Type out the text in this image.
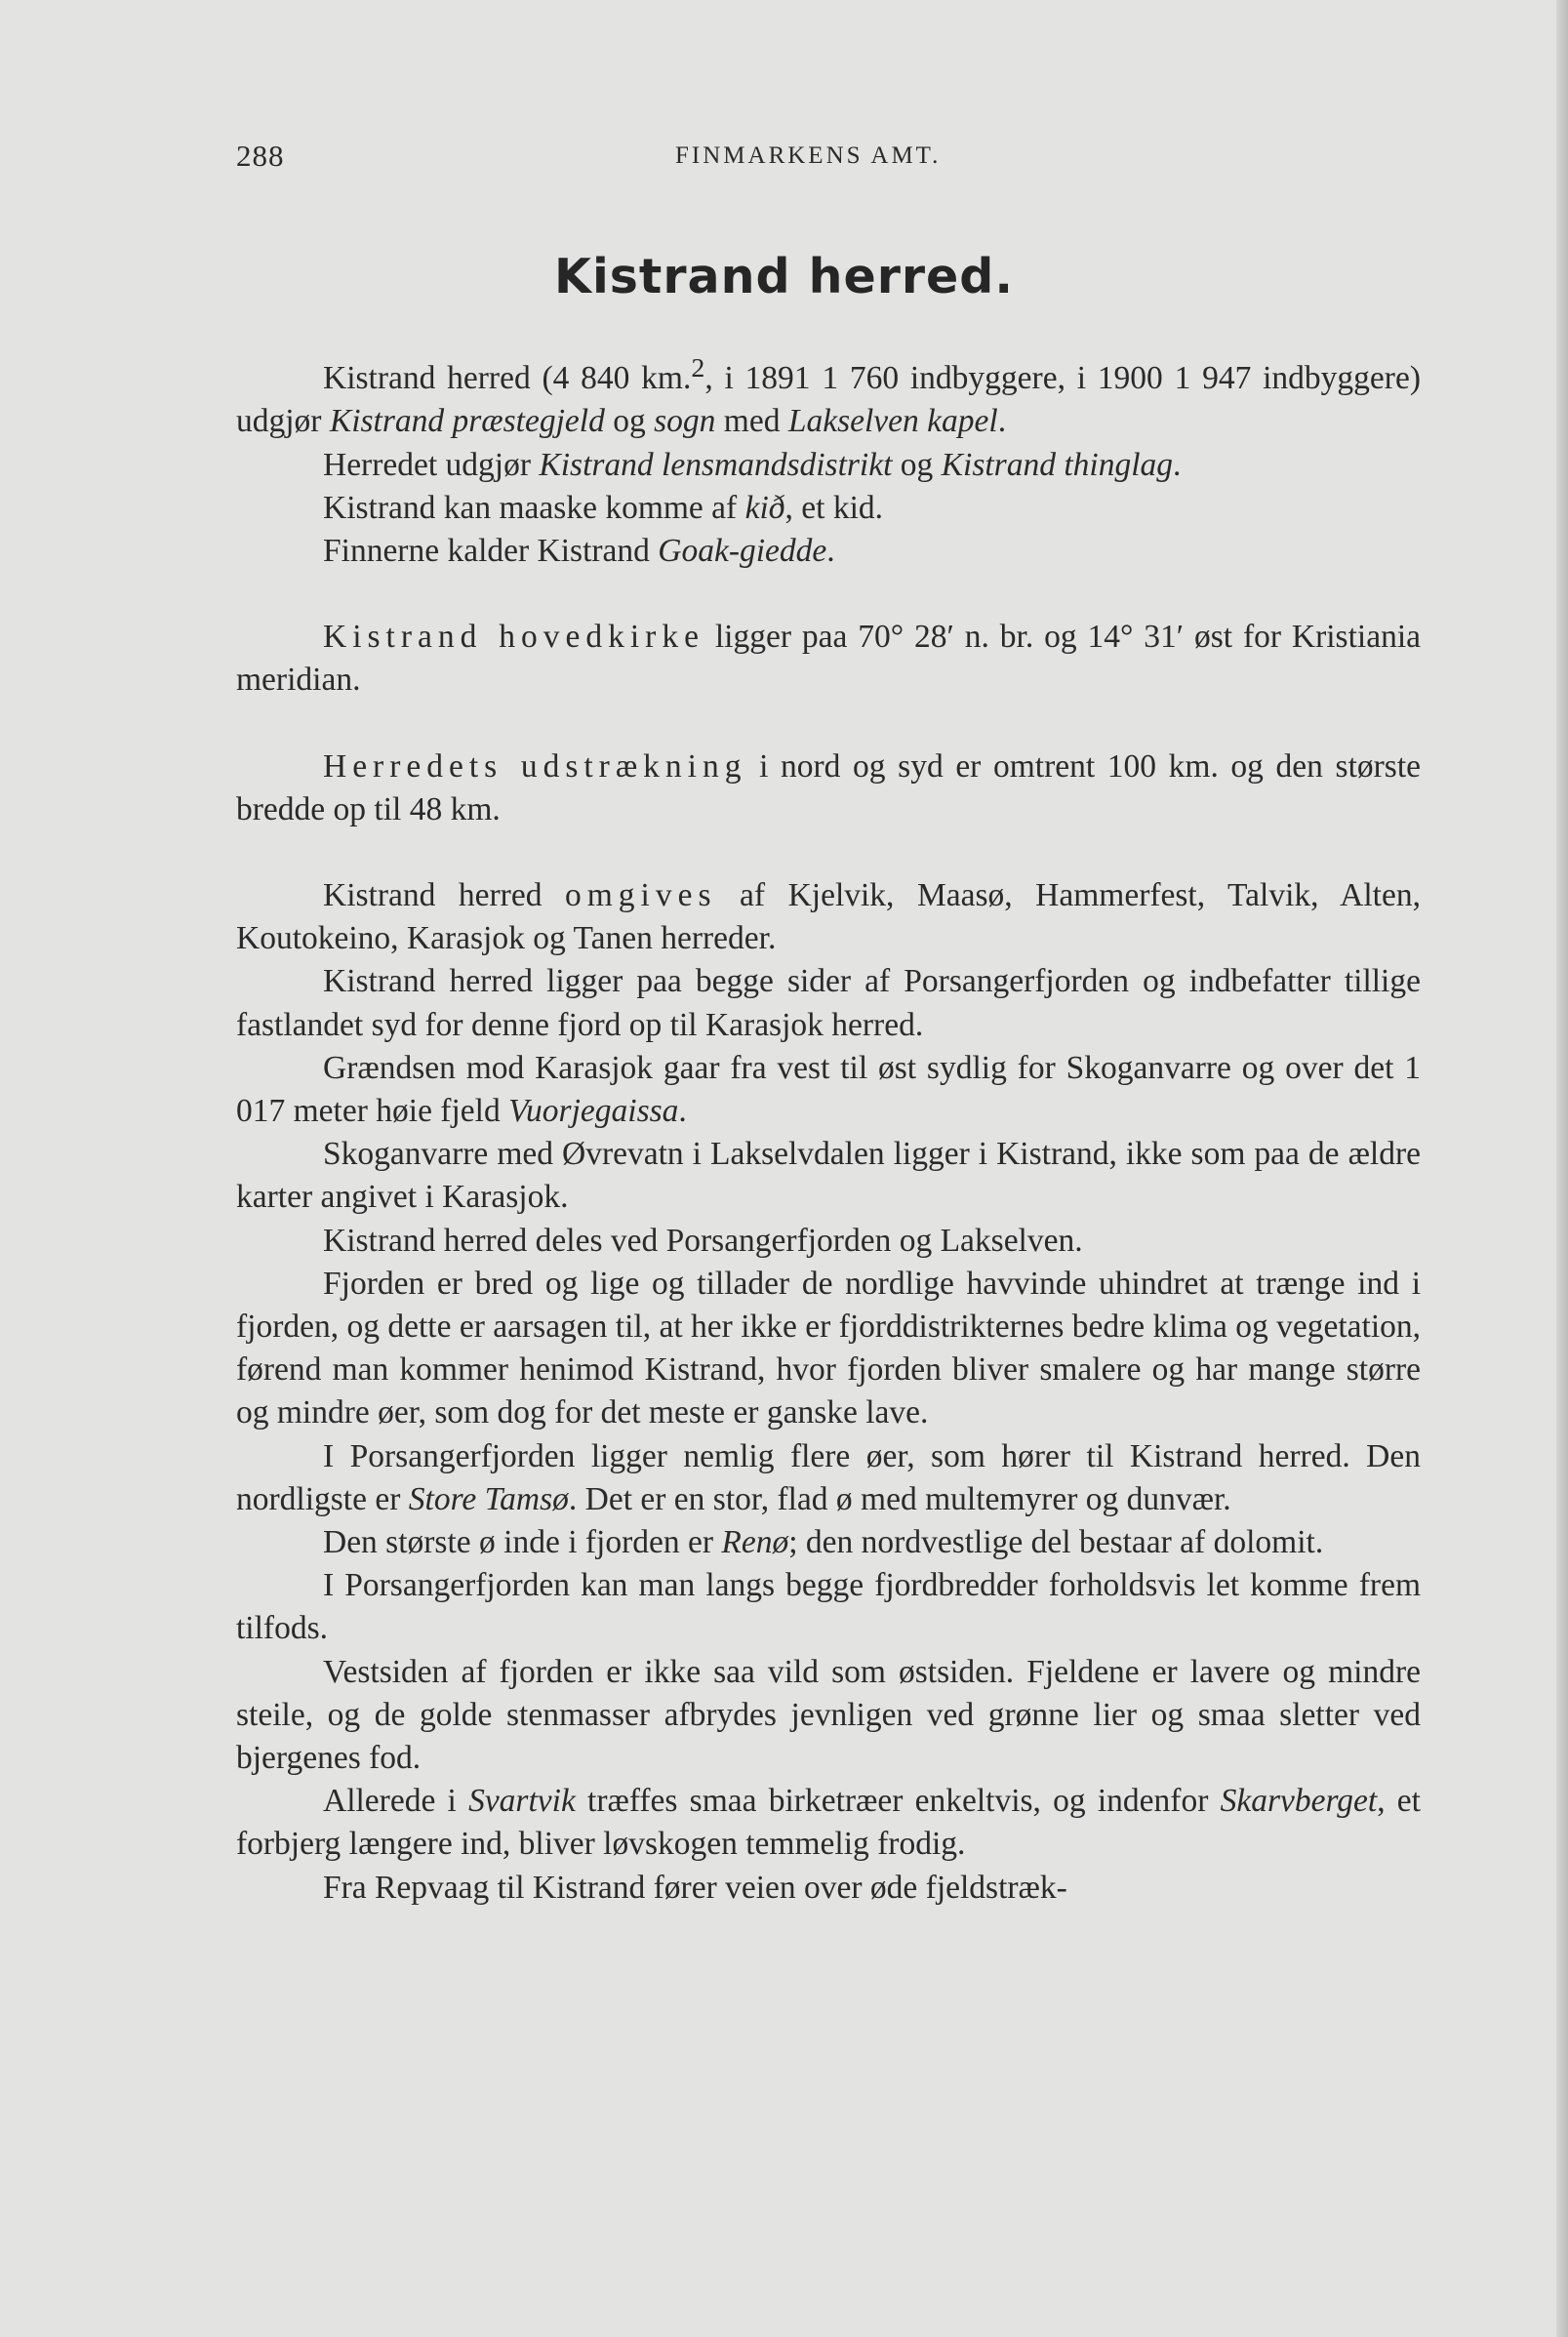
288	FINMARKENS AMT.
Kistrand herred.

Kistrand herred (4 840 km.$^2$, i 1891 1 760 indbyggere, i 1900 1 947 indbyggere) udgjør Kistrand præstegjeld og sogn med Lakselven kapel.

Herredet udgjør Kistrand lensmandsdistrikt og Kistrand thinglag.

Kistrand kan maaske komme af kið, et kid.

Finnerne kalder Kistrand Goak-giedde.

Kistrand hovedkirke ligger paa 70° 28′ n. br. og 14° 31′ øst for Kristiania meridian.

Herredets udstrækning i nord og syd er omtrent 100 km. og den største bredde op til 48 km.

Kistrand herred omgives af Kjelvik, Maasø, Hammerfest, Talvik, Alten, Koutokeino, Karasjok og Tanen herreder.

Kistrand herred ligger paa begge sider af Porsangerfjorden og indbefatter tillige fastlandet syd for denne fjord op til Karasjok herred.

Grændsen mod Karasjok gaar fra vest til øst sydlig for Skoganvarre og over det 1 017 meter høie fjeld Vuorjegaissa.

Skoganvarre med Øvrevatn i Lakselvdalen ligger i Kistrand, ikke som paa de ældre karter angivet i Karasjok.

Kistrand herred deles ved Porsangerfjorden og Lakselven.

Fjorden er bred og lige og tillader de nordlige havvinde uhindret at trænge ind i fjorden, og dette er aarsagen til, at her ikke er fjorddistrikternes bedre klima og vegetation, førend man kommer henimod Kistrand, hvor fjorden bliver smalere og har mange større og mindre øer, som dog for det meste er ganske lave.

I Porsangerfjorden ligger nemlig flere øer, som hører til Kistrand herred. Den nordligste er Store Tamsø. Det er en stor, flad ø med multemyrer og dunvær.

Den største ø inde i fjorden er Renø; den nordvestlige del bestaar af dolomit.

I Porsangerfjorden kan man langs begge fjordbredder forholdsvis let komme frem tilfods.

Vestsiden af fjorden er ikke saa vild som østsiden. Fjeldene er lavere og mindre steile, og de golde stenmasser afbrydes jevnligen ved grønne lier og smaa sletter ved bjergenes fod.

Allerede i Svartvik træffes smaa birketræer enkeltvis, og indenfor Skarvberget, et forbjerg længere ind, bliver løvskogen temmelig frodig.

Fra Repvaag til Kistrand fører veien over øde fjeldstræk-
